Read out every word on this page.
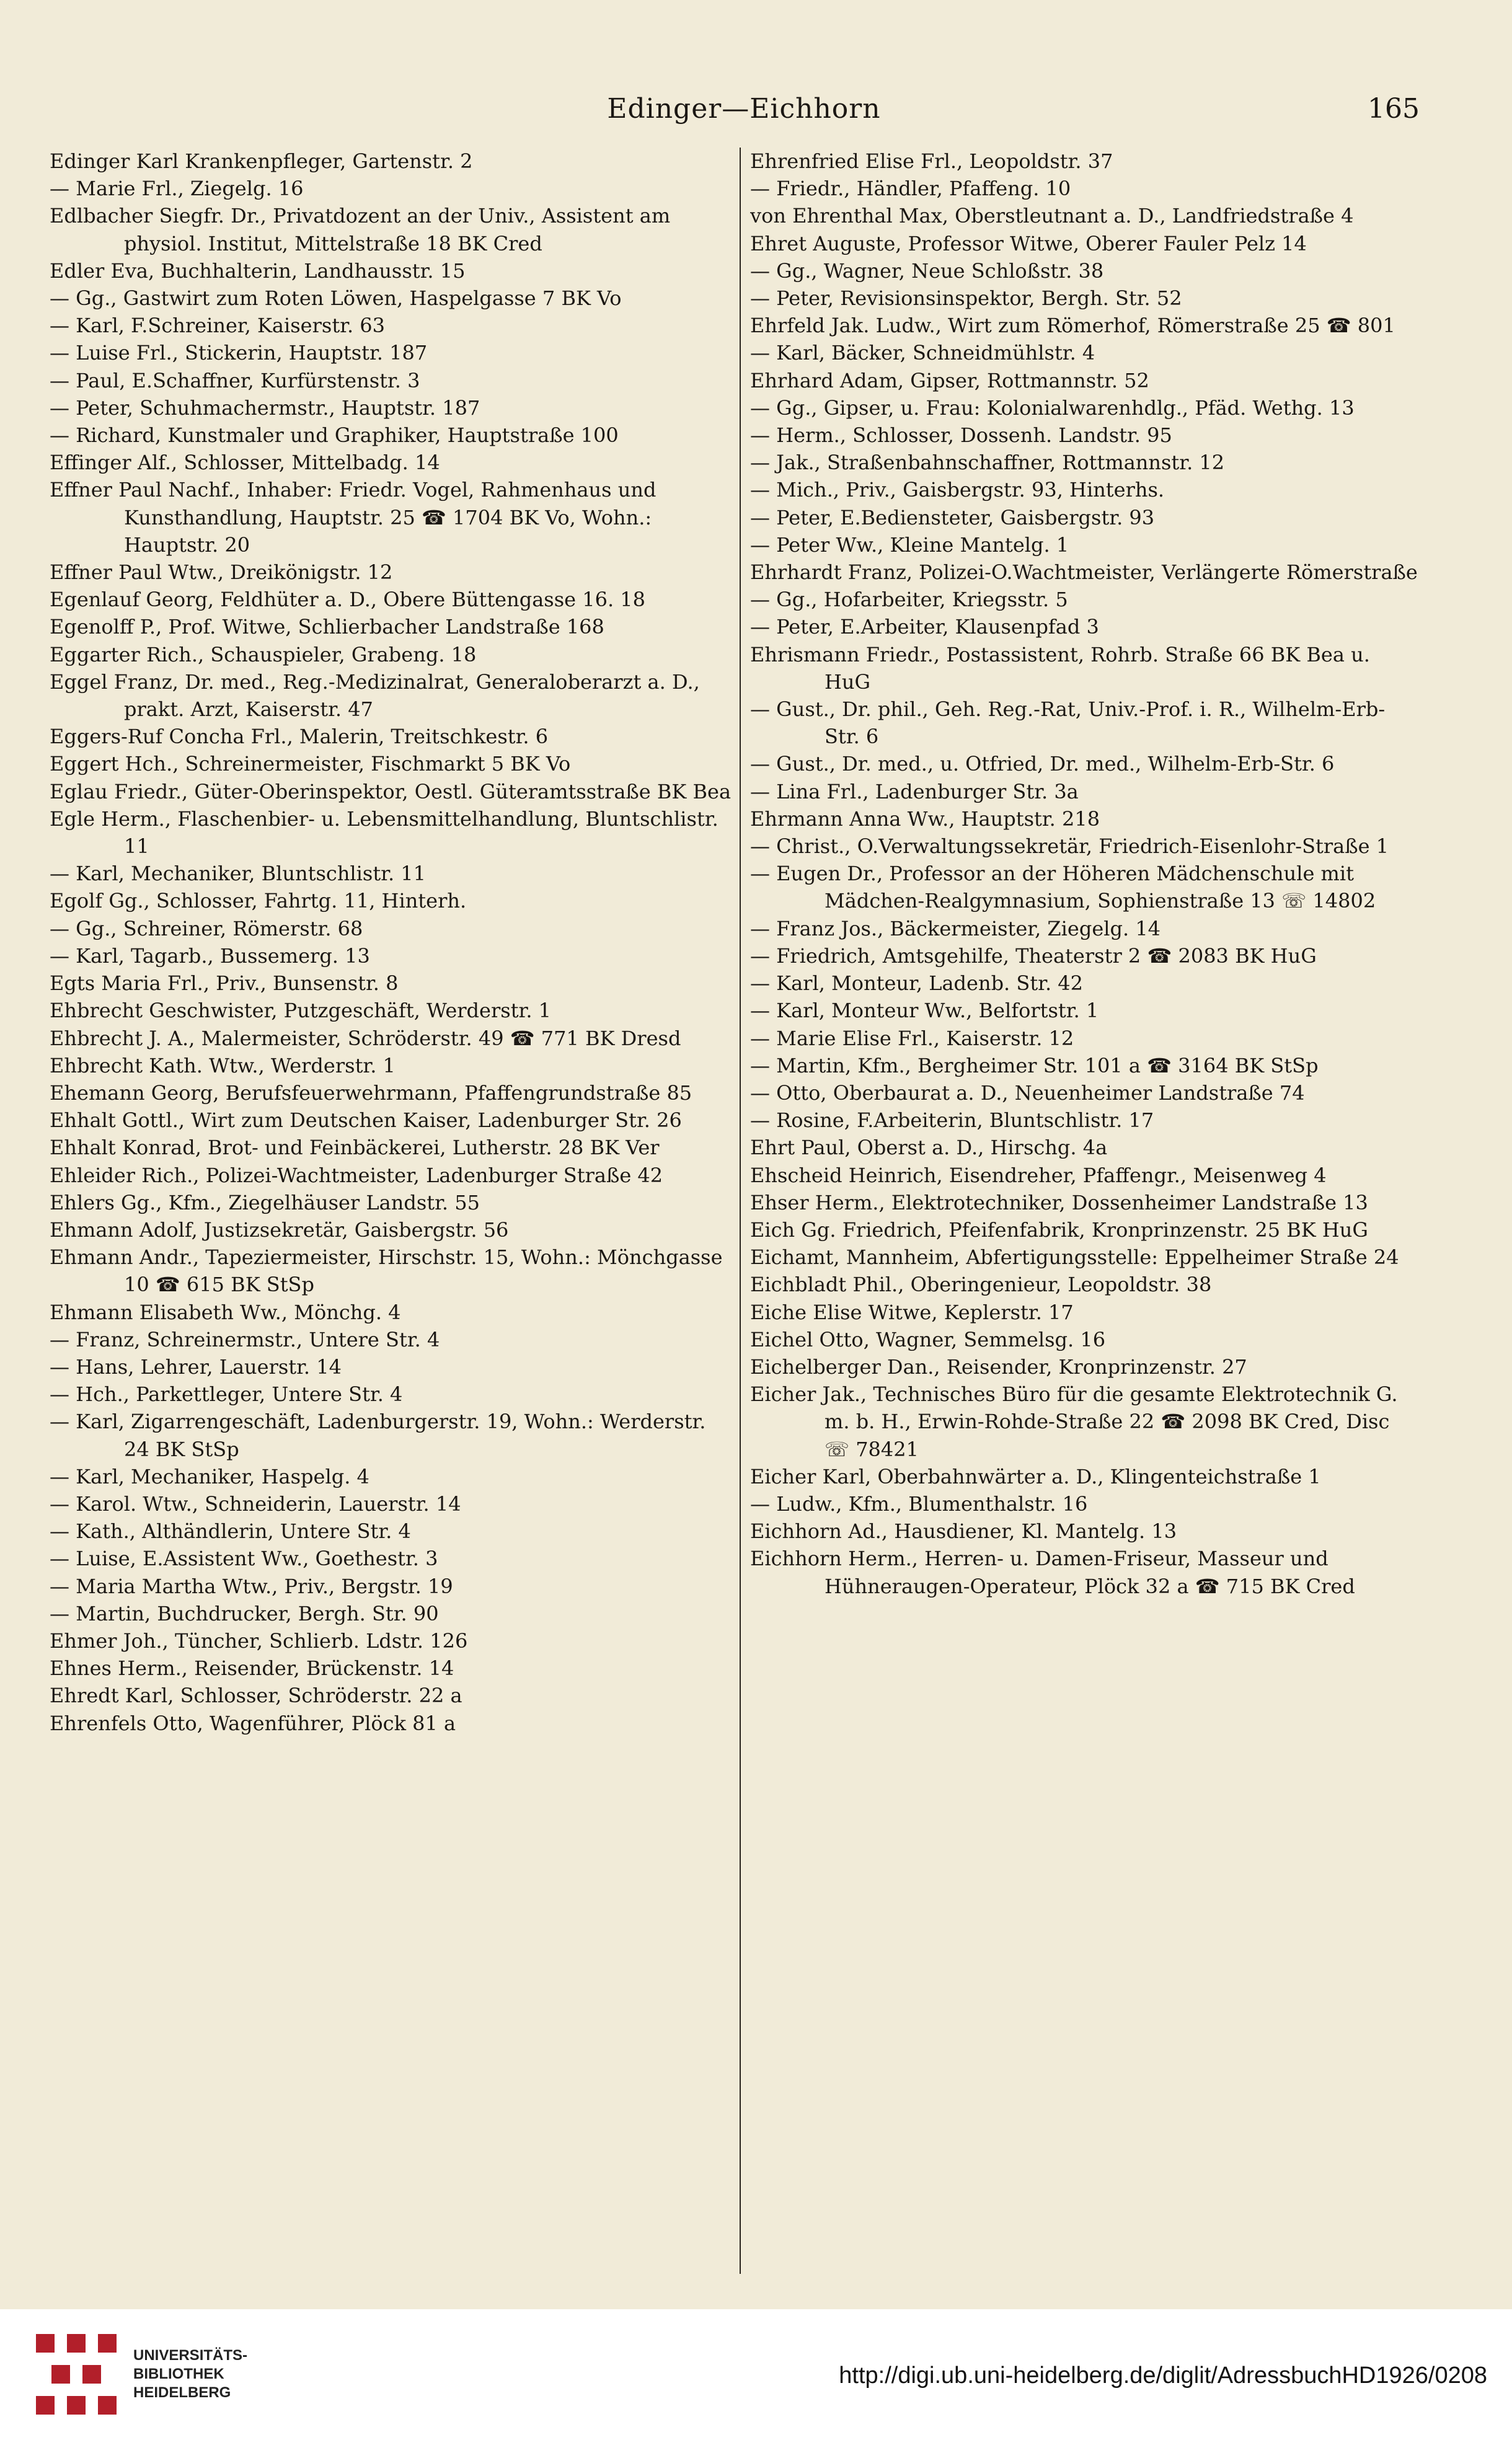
Edinger—Eichhorn	165
Edinger Karl Krankenpfleger, Gartenstr. 2
— Marie Frl., Ziegelg. 16
Edlbacher Siegfr. Dr., Privatdozent an der Univ., Assistent am physiol. Institut, Mittelstraße 18 BK Cred
Edler Eva, Buchhalterin, Landhausstr. 15
— Gg., Gastwirt zum Roten Löwen, Haspelgasse 7 BK Vo
— Karl, F.Schreiner, Kaiserstr. 63
— Luise Frl., Stickerin, Hauptstr. 187
— Paul, E.Schaffner, Kurfürstenstr. 3
— Peter, Schuhmachermstr., Hauptstr. 187
— Richard, Kunstmaler und Graphiker, Hauptstraße 100
Effinger Alf., Schlosser, Mittelbadg. 14
Effner Paul Nachf., Inhaber: Friedr. Vogel, Rahmenhaus und Kunsthandlung, Hauptstr. 25 ☎ 1704 BK Vo, Wohn.: Hauptstr. 20
Effner Paul Wtw., Dreikönigstr. 12
Egenlauf Georg, Feldhüter a. D., Obere Büttengasse 16. 18
Egenolff P., Prof. Witwe, Schlierbacher Landstraße 168
Eggarter Rich., Schauspieler, Grabeng. 18
Eggel Franz, Dr. med., Reg.-Medizinalrat, Generaloberarzt a. D., prakt. Arzt, Kaiserstr. 47
Eggers-Ruf Concha Frl., Malerin, Treitschkestr. 6
Eggert Hch., Schreinermeister, Fischmarkt 5 BK Vo
Eglau Friedr., Güter-Oberinspektor, Oestl. Güteramtsstraße BK Bea
Egle Herm., Flaschenbier- u. Lebensmittelhandlung, Bluntschlistr. 11
— Karl, Mechaniker, Bluntschlistr. 11
Egolf Gg., Schlosser, Fahrtg. 11, Hinterh.
— Gg., Schreiner, Römerstr. 68
— Karl, Tagarb., Bussemerg. 13
Egts Maria Frl., Priv., Bunsenstr. 8
Ehbrecht Geschwister, Putzgeschäft, Werderstr. 1
Ehbrecht J. A., Malermeister, Schröderstr. 49 ☎ 771 BK Dresd
Ehbrecht Kath. Wtw., Werderstr. 1
Ehemann Georg, Berufsfeuerwehrmann, Pfaffengrundstraße 85
Ehhalt Gottl., Wirt zum Deutschen Kaiser, Ladenburger Str. 26
Ehhalt Konrad, Brot- und Feinbäckerei, Lutherstr. 28 BK Ver
Ehleider Rich., Polizei-Wachtmeister, Ladenburger Straße 42
Ehlers Gg., Kfm., Ziegelhäuser Landstr. 55
Ehmann Adolf, Justizsekretär, Gaisbergstr. 56
Ehmann Andr., Tapeziermeister, Hirschstr. 15, Wohn.: Mönchgasse 10 ☎ 615 BK StSp
Ehmann Elisabeth Ww., Mönchg. 4
— Franz, Schreinermstr., Untere Str. 4
— Hans, Lehrer, Lauerstr. 14
— Hch., Parkettleger, Untere Str. 4
— Karl, Zigarrengeschäft, Ladenburgerstr. 19, Wohn.: Werderstr. 24 BK StSp
— Karl, Mechaniker, Haspelg. 4
— Karol. Wtw., Schneiderin, Lauerstr. 14
— Kath., Althändlerin, Untere Str. 4
— Luise, E.Assistent Ww., Goethestr. 3
— Maria Martha Wtw., Priv., Bergstr. 19
— Martin, Buchdrucker, Bergh. Str. 90
Ehmer Joh., Tüncher, Schlierb. Ldstr. 126
Ehnes Herm., Reisender, Brückenstr. 14
Ehredt Karl, Schlosser, Schröderstr. 22 a
Ehrenfels Otto, Wagenführer, Plöck 81 a
Ehrenfried Elise Frl., Leopoldstr. 37
— Friedr., Händler, Pfaffeng. 10
von Ehrenthal Max, Oberstleutnant a. D., Landfriedstraße 4
Ehret Auguste, Professor Witwe, Oberer Fauler Pelz 14
— Gg., Wagner, Neue Schloßstr. 38
— Peter, Revisionsinspektor, Bergh. Str. 52
Ehrfeld Jak. Ludw., Wirt zum Römerhof, Römerstraße 25 ☎ 801
— Karl, Bäcker, Schneidmühlstr. 4
Ehrhard Adam, Gipser, Rottmannstr. 52
— Gg., Gipser, u. Frau: Kolonialwarenhdlg., Pfäd. Wethg. 13
— Herm., Schlosser, Dossenh. Landstr. 95
— Jak., Straßenbahnschaffner, Rottmannstr. 12
— Mich., Priv., Gaisbergstr. 93, Hinterhs.
— Peter, E.Bediensteter, Gaisbergstr. 93
— Peter Ww., Kleine Mantelg. 1
Ehrhardt Franz, Polizei-O.Wachtmeister, Verlängerte Römerstraße
— Gg., Hofarbeiter, Kriegsstr. 5
— Peter, E.Arbeiter, Klausenpfad 3
Ehrismann Friedr., Postassistent, Rohrb. Straße 66 BK Bea u. HuG
— Gust., Dr. phil., Geh. Reg.-Rat, Univ.-Prof. i. R., Wilhelm-Erb-Str. 6
— Gust., Dr. med., u. Otfried, Dr. med., Wilhelm-Erb-Str. 6
— Lina Frl., Ladenburger Str. 3a
Ehrmann Anna Ww., Hauptstr. 218
— Christ., O.Verwaltungssekretär, Friedrich-Eisenlohr-Straße 1
— Eugen Dr., Professor an der Höheren Mädchenschule mit Mädchen-Realgymnasium, Sophienstraße 13 ☏ 14802
— Franz Jos., Bäckermeister, Ziegelg. 14
— Friedrich, Amtsgehilfe, Theaterstr 2 ☎ 2083 BK HuG
— Karl, Monteur, Ladenb. Str. 42
— Karl, Monteur Ww., Belfortstr. 1
— Marie Elise Frl., Kaiserstr. 12
— Martin, Kfm., Bergheimer Str. 101 a ☎ 3164 BK StSp
— Otto, Oberbaurat a. D., Neuenheimer Landstraße 74
— Rosine, F.Arbeiterin, Bluntschlistr. 17
Ehrt Paul, Oberst a. D., Hirschg. 4a
Ehscheid Heinrich, Eisendreher, Pfaffengr., Meisenweg 4
Ehser Herm., Elektrotechniker, Dossenheimer Landstraße 13
Eich Gg. Friedrich, Pfeifenfabrik, Kronprinzenstr. 25 BK HuG
Eichamt, Mannheim, Abfertigungsstelle: Eppelheimer Straße 24
Eichbladt Phil., Oberingenieur, Leopoldstr. 38
Eiche Elise Witwe, Keplerstr. 17
Eichel Otto, Wagner, Semmelsg. 16
Eichelberger Dan., Reisender, Kronprinzenstr. 27
Eicher Jak., Technisches Büro für die gesamte Elektrotechnik G. m. b. H., Erwin-Rohde-Straße 22 ☎ 2098 BK Cred, Disc ☏ 78421
Eicher Karl, Oberbahnwärter a. D., Klingenteichstraße 1
— Ludw., Kfm., Blumenthalstr. 16
Eichhorn Ad., Hausdiener, Kl. Mantelg. 13
Eichhorn Herm., Herren- u. Damen-Friseur, Masseur und Hühneraugen-Operateur, Plöck 32 a ☎ 715 BK Cred
UNIVERSITÄTS-
BIBLIOTHEK
HEIDELBERG
http://digi.ub.uni-heidelberg.de/diglit/AdressbuchHD1926/0208
